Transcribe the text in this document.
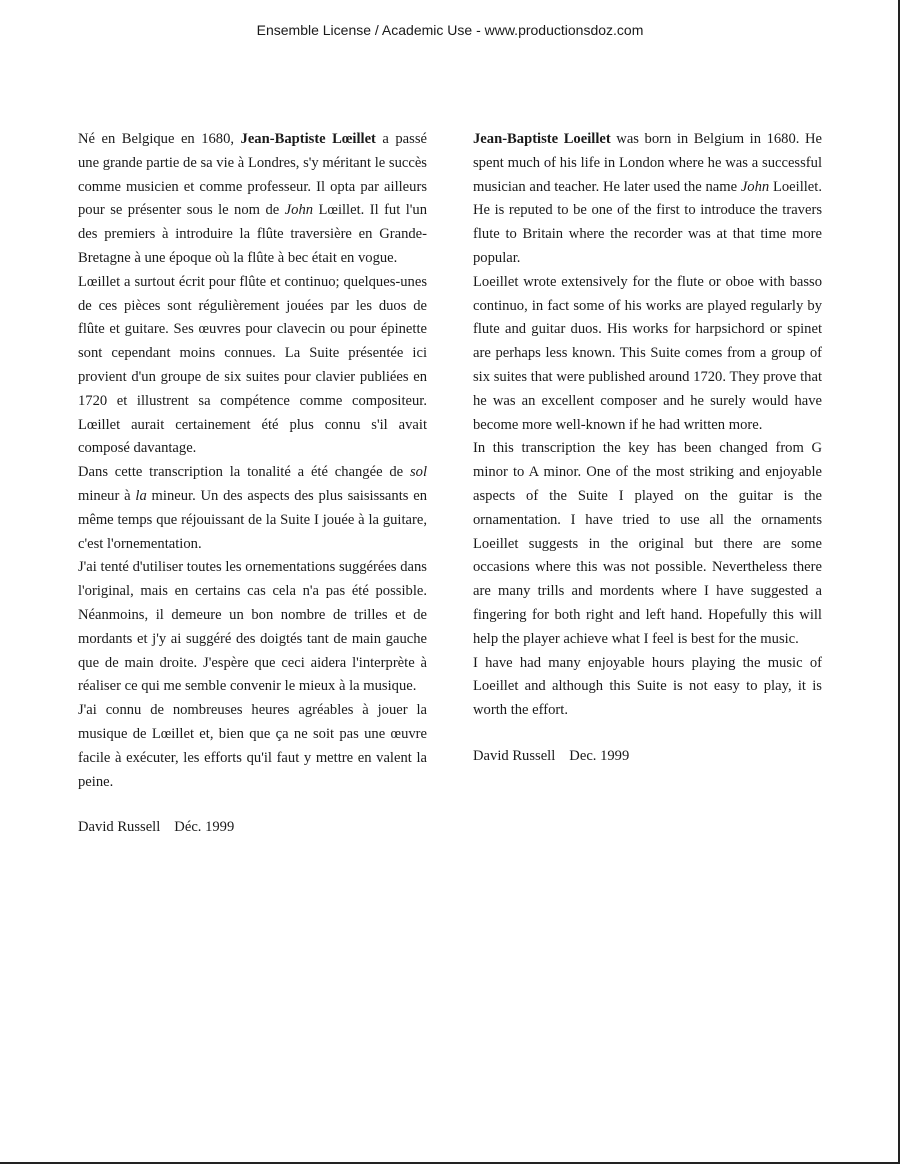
Ensemble License / Academic Use - www.productionsdoz.com

Né en Belgique en 1680, Jean-Baptiste Lœillet a passé une grande partie de sa vie à Londres, s'y méritant le succès comme musicien et comme professeur. Il opta par ailleurs pour se présenter sous le nom de John Lœillet. Il fut l'un des premiers à introduire la flûte traversière en Grande-Bretagne à une époque où la flûte à bec était en vogue.

Lœillet a surtout écrit pour flûte et continuo; quelques-unes de ces pièces sont régulièrement jouées par les duos de flûte et guitare. Ses œuvres pour clavecin ou pour épinette sont cependant moins connues. La Suite présentée ici provient d'un groupe de six suites pour clavier publiées en 1720 et illustrent sa compétence comme compositeur. Lœillet aurait certainement été plus connu s'il avait composé davantage.

Dans cette transcription la tonalité a été changée de sol mineur à la mineur. Un des aspects des plus saisissants en même temps que réjouissant de la Suite I jouée à la guitare, c'est l'ornementation.

J'ai tenté d'utiliser toutes les ornementations suggérées dans l'original, mais en certains cas cela n'a pas été possible. Néanmoins, il demeure un bon nombre de trilles et de mordants et j'y ai suggéré des doigtés tant de main gauche que de main droite. J'espère que ceci aidera l'interprète à réaliser ce qui me semble convenir le mieux à la musique.

J'ai connu de nombreuses heures agréables à jouer la musique de Lœillet et, bien que ça ne soit pas une œuvre facile à exécuter, les efforts qu'il faut y mettre en valent la peine.

David Russell Déc. 1999

Jean-Baptiste Loeillet was born in Belgium in 1680. He spent much of his life in London where he was a successful musician and teacher. He later used the name John Loeillet. He is reputed to be one of the first to introduce the travers flute to Britain where the recorder was at that time more popular.

Loeillet wrote extensively for the flute or oboe with basso continuo, in fact some of his works are played regularly by flute and guitar duos. His works for harpsichord or spinet are perhaps less known. This Suite comes from a group of six suites that were published around 1720. They prove that he was an excellent composer and he surely would have become more well-known if he had written more.

In this transcription the key has been changed from G minor to A minor. One of the most striking and enjoyable aspects of the Suite I played on the guitar is the ornamentation. I have tried to use all the ornaments Loeillet suggests in the original but there are some occasions where this was not possible. Nevertheless there are many trills and mordents where I have suggested a fingering for both right and left hand. Hopefully this will help the player achieve what I feel is best for the music.

I have had many enjoyable hours playing the music of Loeillet and although this Suite is not easy to play, it is worth the effort.

David Russell Dec. 1999
